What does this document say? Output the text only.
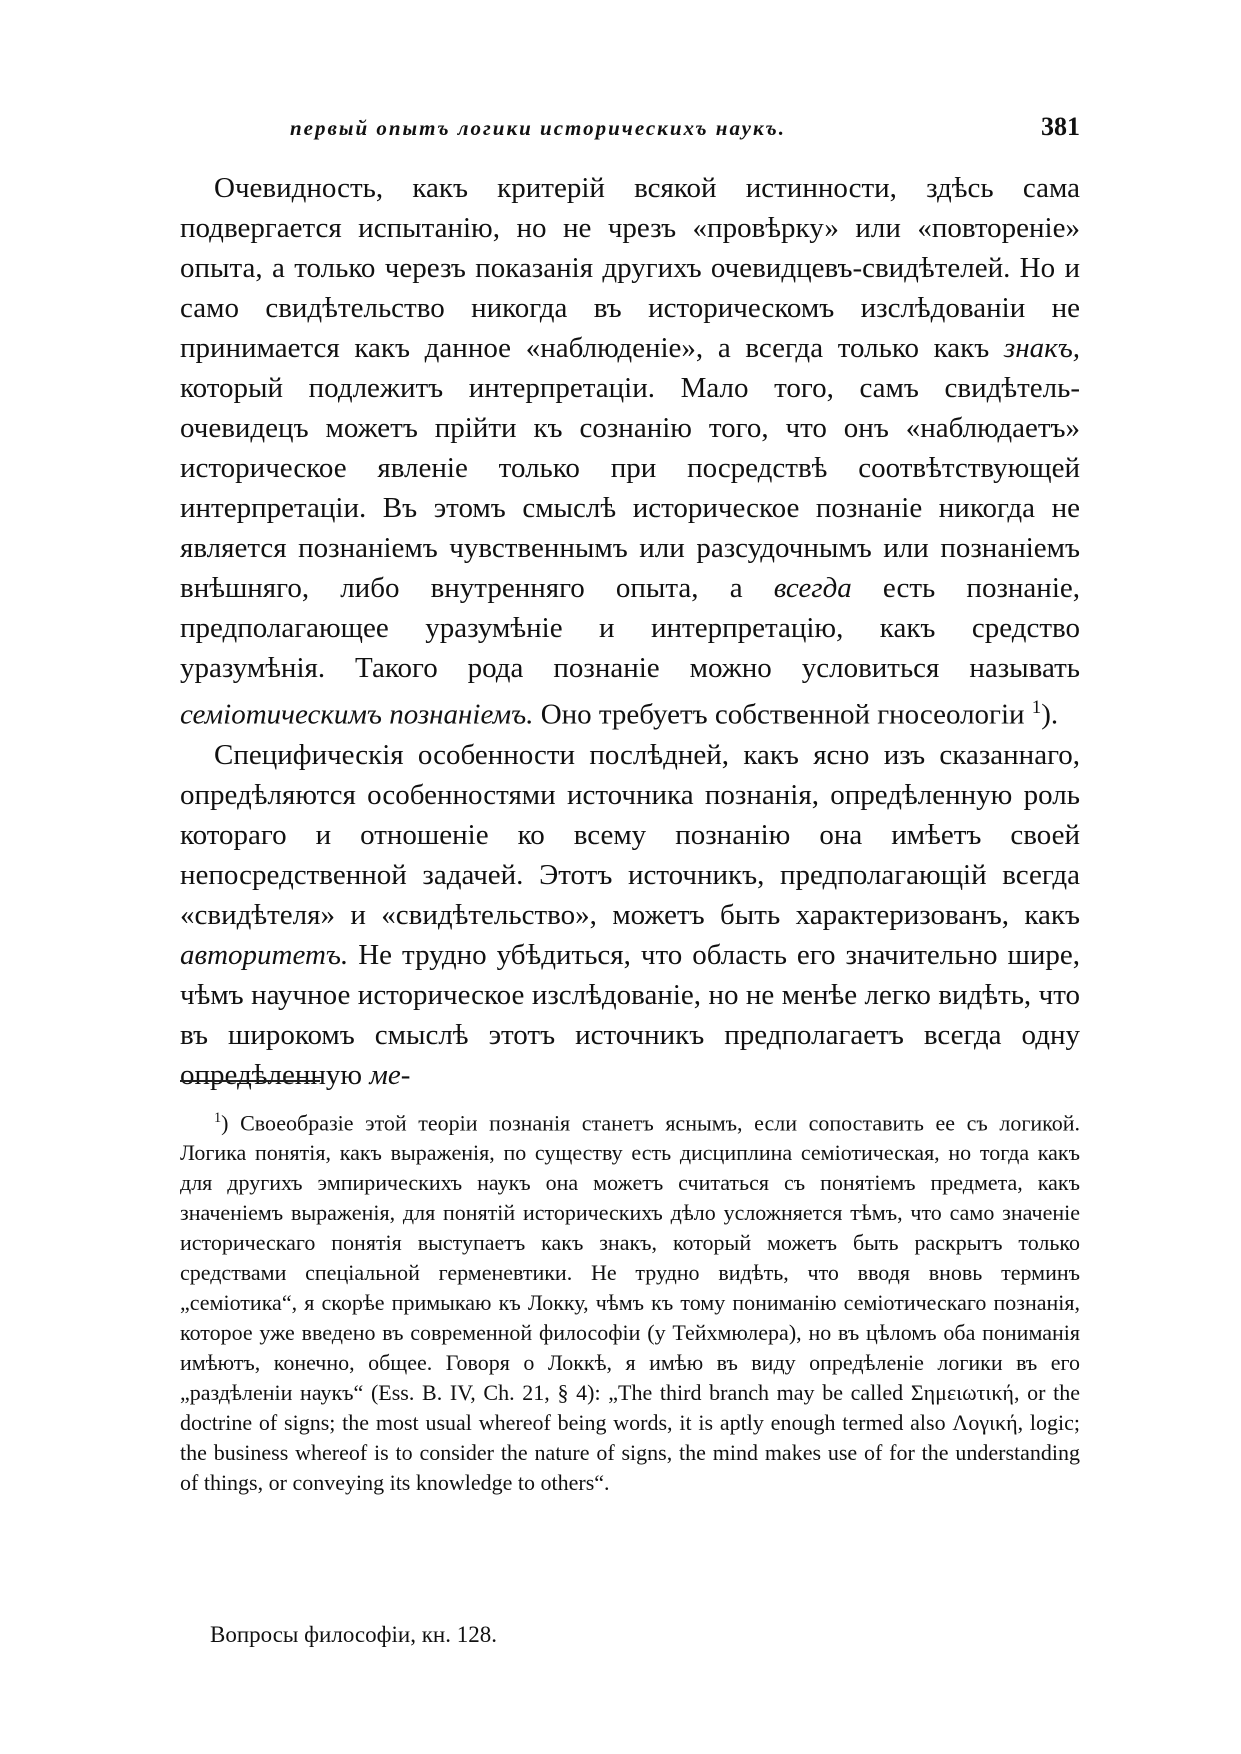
первый опытъ логики историческихъ наукъ.	381

Очевидность, какъ критерій всякой истинности, здѣсь сама подвергается испытанію, но не чрезъ «провѣрку» или «повтореніе» опыта, а только черезъ показанія другихъ очевидцевъ-свидѣтелей. Но и само свидѣтельство никогда въ историческомъ изслѣдованіи не принимается какъ данное «наблюденіе», а всегда только какъ знакъ, который подлежитъ интерпретаціи. Мало того, самъ свидѣтель-очевидецъ можетъ прійти къ сознанію того, что онъ «наблюдаетъ» историческое явленіе только при посредствѣ соотвѣтствующей интерпретаціи. Въ этомъ смыслѣ историческое познаніе никогда не является познаніемъ чувственнымъ или разсудочнымъ или познаніемъ внѣшняго, либо внутренняго опыта, а всегда есть познаніе, предполагающее уразумѣніе и интерпретацію, какъ средство уразумѣнія. Такого рода познаніе можно условиться называть семіотическимъ познаніемъ. Оно требуетъ собственной гносеологіи $^1$).

Специфическія особенности послѣдней, какъ ясно изъ сказаннаго, опредѣляются особенностями источника познанія, опредѣленную роль котораго и отношеніе ко всему познанію она имѣетъ своей непосредственной задачей. Этотъ источникъ, предполагающій всегда «свидѣтеля» и «свидѣтельство», можетъ быть характеризованъ, какъ авторитетъ. Не трудно убѣдиться, что область его значительно шире, чѣмъ научное историческое изслѣдованіе, но не менѣе легко видѣть, что въ широкомъ смыслѣ этотъ источникъ предполагаетъ всегда одну опредѣленную ме-

$^1$) Своеобразіе этой теоріи познанія станетъ яснымъ, если сопоставить ее съ логикой. Логика понятія, какъ выраженія, по существу есть дисциплина семіотическая, но тогда какъ для другихъ эмпирическихъ наукъ она можетъ считаться съ понятіемъ предмета, какъ значеніемъ выраженія, для понятій историческихъ дѣло усложняется тѣмъ, что само значеніе историческаго понятія выступаетъ какъ знакъ, который можетъ быть раскрытъ только средствами спеціальной герменевтики. Не трудно видѣть, что вводя вновь терминъ „семіотика“, я скорѣе примыкаю къ Локку, чѣмъ къ тому пониманію семіотическаго познанія, которое уже введено въ современной философіи (у Тейхмюлера), но въ цѣломъ оба пониманія имѣютъ, конечно, общее. Говоря о Локкѣ, я имѣю въ виду опредѣленіе логики въ его „раздѣленіи наукъ“ (Ess. B. IV, Ch. 21, § 4): „The third branch may be called Σημειωτική, or the doctrine of signs; the most usual whereof being words, it is aptly enough termed also Λογική, logic; the business whereof is to consider the nature of signs, the mind makes use of for the understanding of things, or conveying its knowledge to others“.

Вопросы философіи, кн. 128.
